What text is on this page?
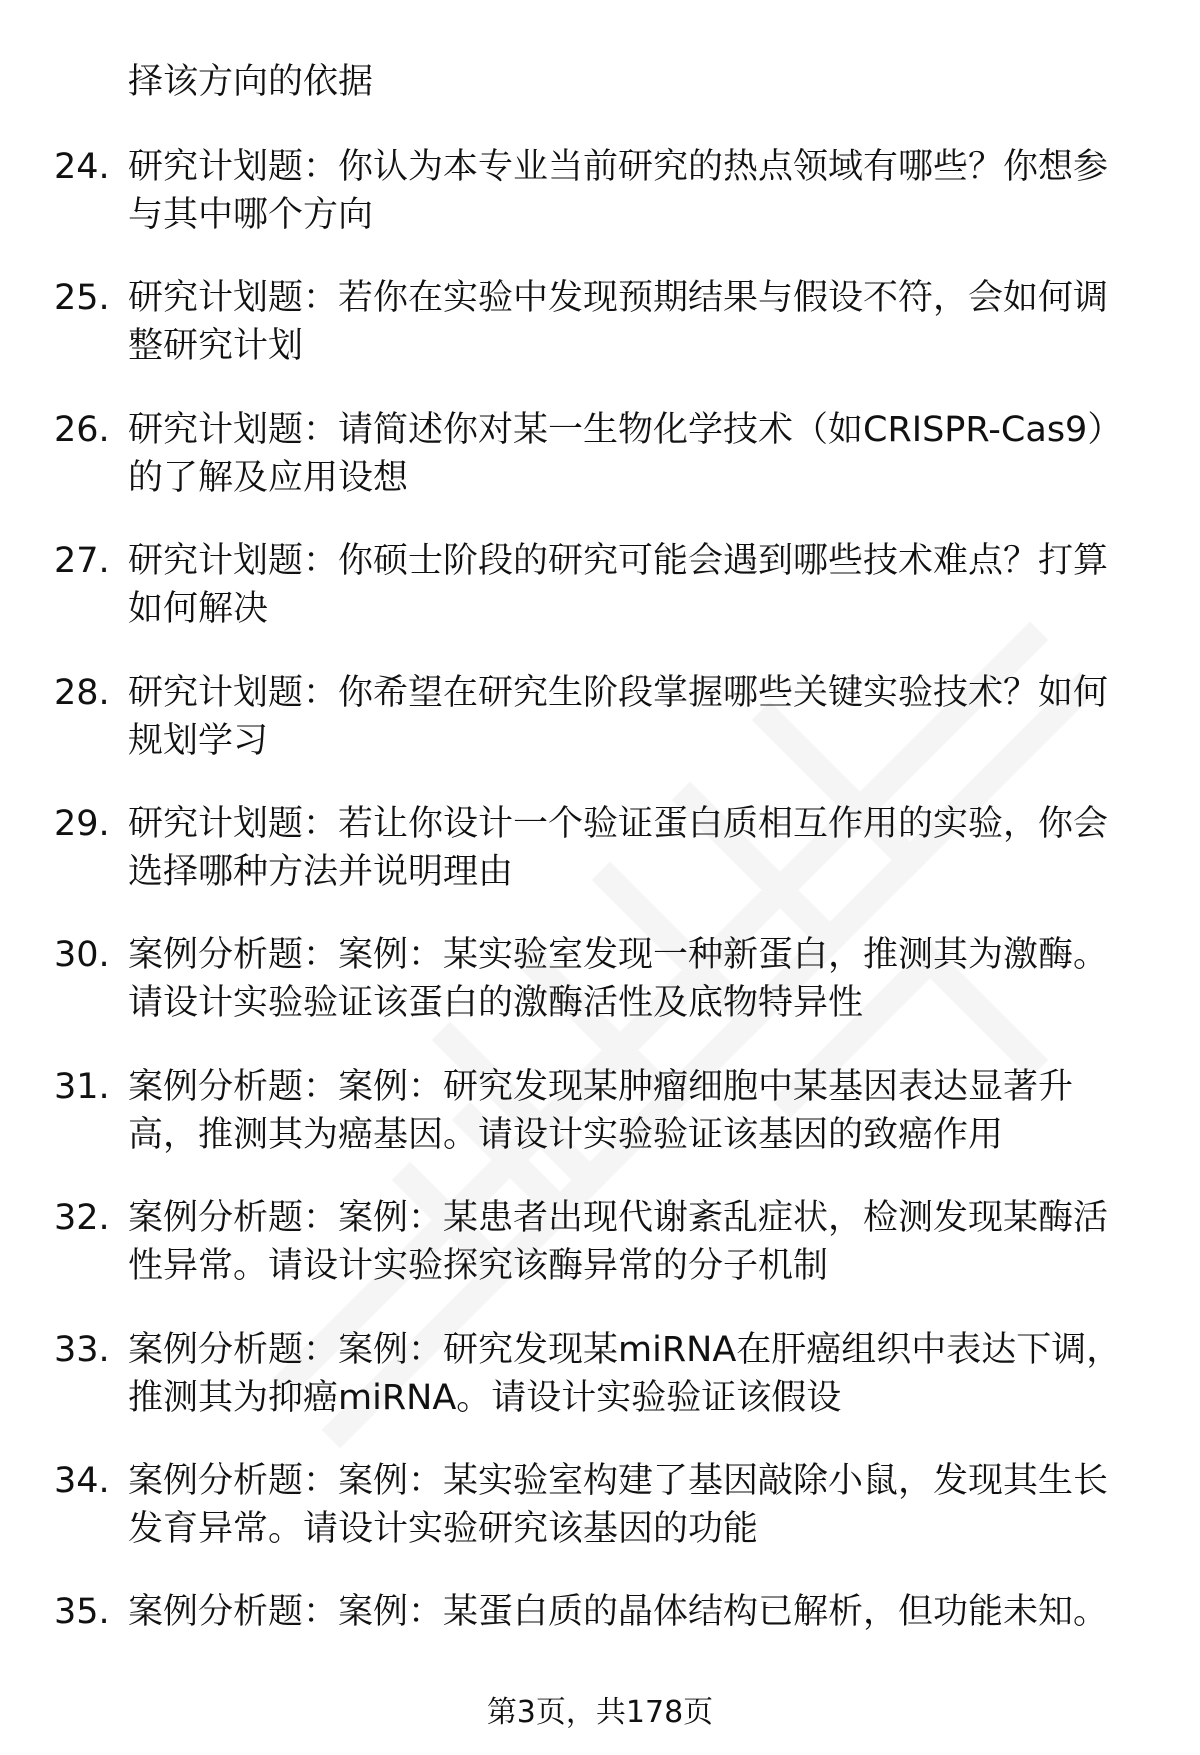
择该方向的依据
24. 研究计划题：你认为本专业当前研究的热点领域有哪些？你想参
与其中哪个方向
25. 研究计划题：若你在实验中发现预期结果与假设不符，会如何调
整研究计划
26. 研究计划题：请简述你对某一生物化学技术（如CRISPR-Cas9）
的了解及应用设想
27. 研究计划题：你硕士阶段的研究可能会遇到哪些技术难点？打算
如何解决
28. 研究计划题：你希望在研究生阶段掌握哪些关键实验技术？如何
规划学习
29. 研究计划题：若让你设计一个验证蛋白质相互作用的实验，你会
选择哪种方法并说明理由
30. 案例分析题：案例：某实验室发现一种新蛋白，推测其为激酶。
请设计实验验证该蛋白的激酶活性及底物特异性
31. 案例分析题：案例：研究发现某肿瘤细胞中某基因表达显著升
高，推测其为癌基因。请设计实验验证该基因的致癌作用
32. 案例分析题：案例：某患者出现代谢紊乱症状，检测发现某酶活
性异常。请设计实验探究该酶异常的分子机制
33. 案例分析题：案例：研究发现某miRNA在肝癌组织中表达下调，
推测其为抑癌miRNA。请设计实验验证该假设
34. 案例分析题：案例：某实验室构建了基因敲除小鼠，发现其生长
发育异常。请设计实验研究该基因的功能
35. 案例分析题：案例：某蛋白质的晶体结构已解析，但功能未知。
第3页，共178页
